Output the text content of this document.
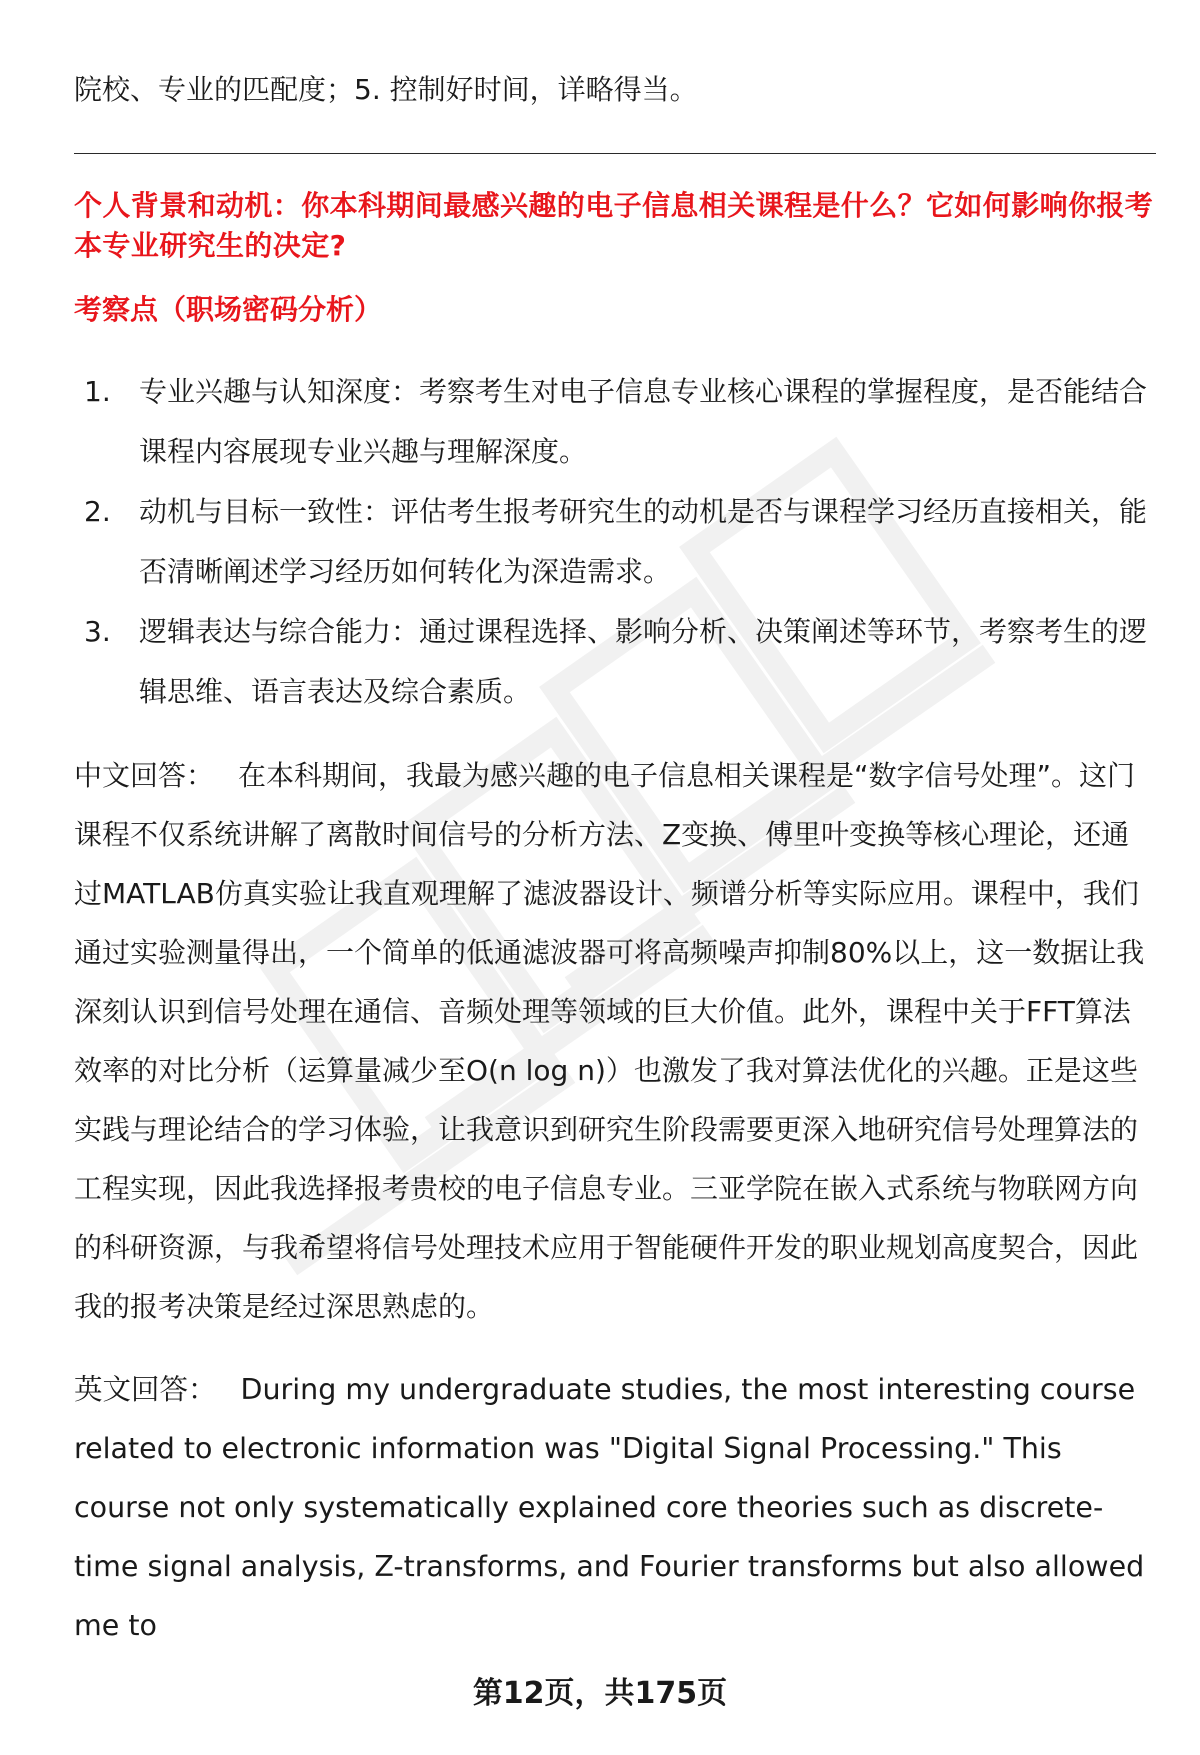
院校、专业的匹配度；5. 控制好时间，详略得当。

个人背景和动机：你本科期间最感兴趣的电子信息相关课程是什么？它如何影响你报考本专业研究生的决定?

考察点（职场密码分析）

1.	专业兴趣与认知深度：考察考生对电子信息专业核心课程的掌握程度，是否能结合课程内容展现专业兴趣与理解深度。
2.	动机与目标一致性：评估考生报考研究生的动机是否与课程学习经历直接相关，能否清晰阐述学习经历如何转化为深造需求。
3.	逻辑表达与综合能力：通过课程选择、影响分析、决策阐述等环节，考察考生的逻辑思维、语言表达及综合素质。

中文回答： 在本科期间，我最为感兴趣的电子信息相关课程是“数字信号处理”。这门课程不仅系统讲解了离散时间信号的分析方法、Z变换、傅里叶变换等核心理论，还通过MATLAB仿真实验让我直观理解了滤波器设计、频谱分析等实际应用。课程中，我们通过实验测量得出，一个简单的低通滤波器可将高频噪声抑制80%以上，这一数据让我深刻认识到信号处理在通信、音频处理等领域的巨大价值。此外，课程中关于FFT算法效率的对比分析（运算量减少至O(n log n)）也激发了我对算法优化的兴趣。正是这些实践与理论结合的学习体验，让我意识到研究生阶段需要更深入地研究信号处理算法的工程实现，因此我选择报考贵校的电子信息专业。三亚学院在嵌入式系统与物联网方向的科研资源，与我希望将信号处理技术应用于智能硬件开发的职业规划高度契合，因此我的报考决策是经过深思熟虑的。

英文回答： During my undergraduate studies, the most interesting course related to electronic information was "Digital Signal Processing." This course not only systematically explained core theories such as discrete-time signal analysis, Z-transforms, and Fourier transforms but also allowed me to

第12页，共175页
